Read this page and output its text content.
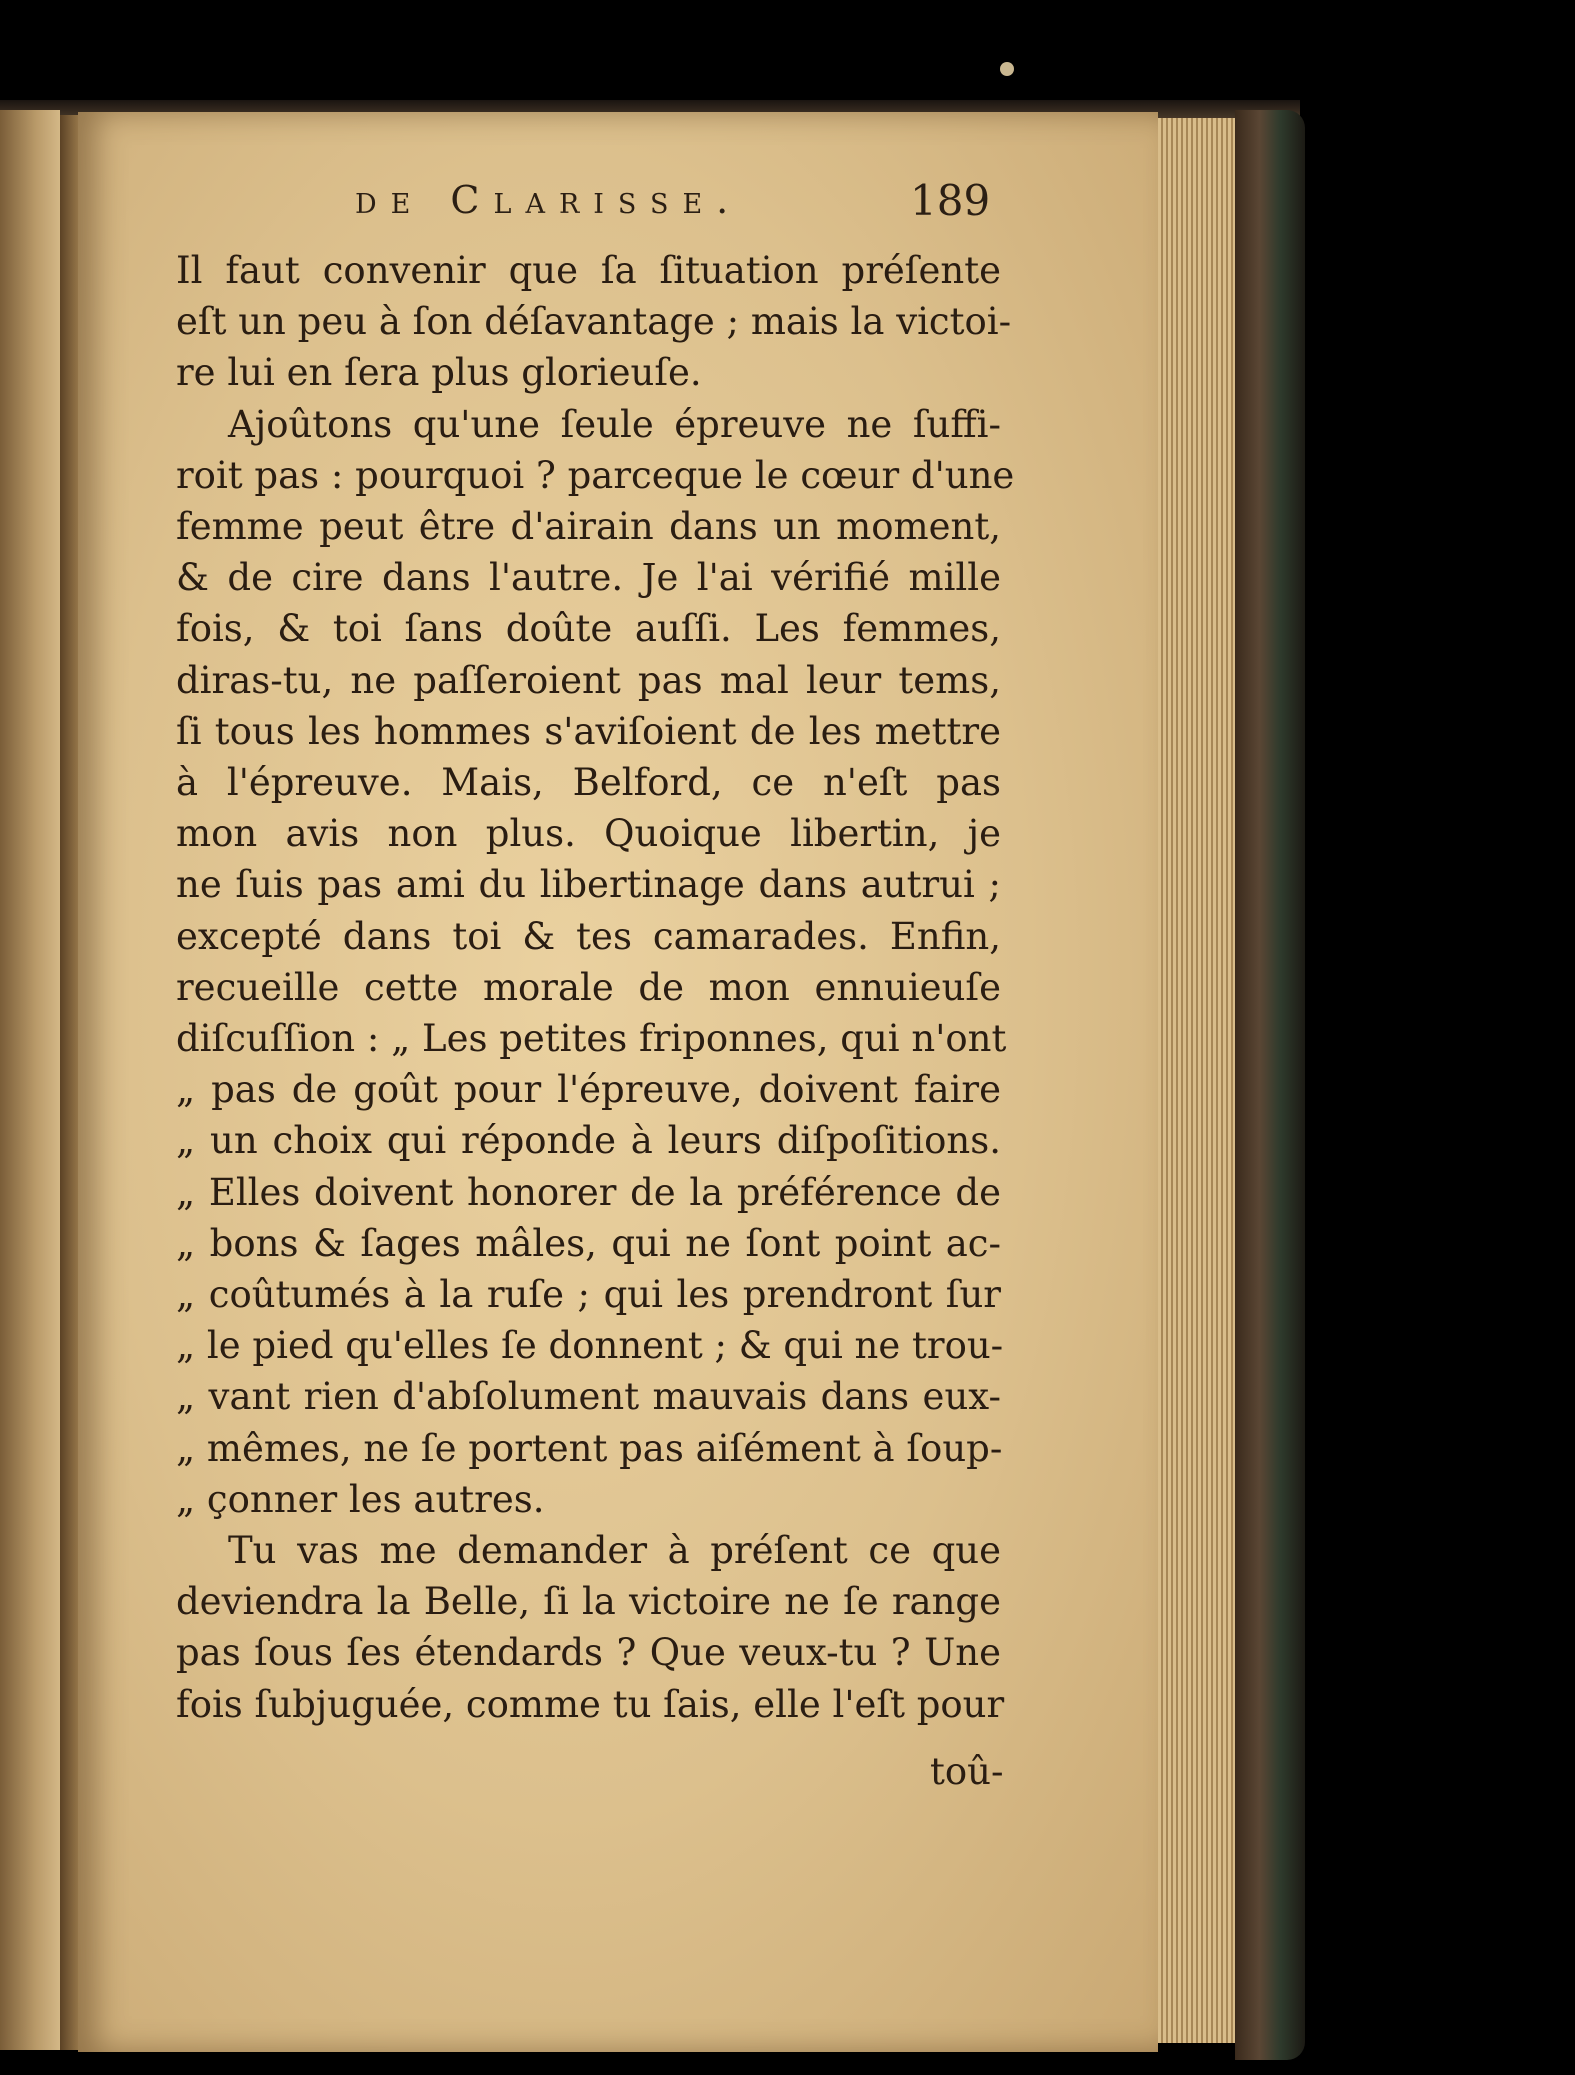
de Clarisse.	189
Il faut convenir que ſa ſituation préſente
eſt un peu à ſon déſavantage ; mais la victoi-
re lui en ſera plus glorieuſe.
Ajoûtons qu'une ſeule épreuve ne ſuffi-
roit pas : pourquoi ? parceque le cœur d'une
femme peut être d'airain dans un moment,
& de cire dans l'autre. Je l'ai vérifié mille
fois, & toi ſans doûte auſſi. Les femmes,
diras-tu, ne paſſeroient pas mal leur tems,
ſi tous les hommes s'aviſoient de les mettre
à l'épreuve. Mais, Belford, ce n'eſt pas
mon avis non plus. Quoique libertin, je
ne ſuis pas ami du libertinage dans autrui ;
excepté dans toi & tes camarades. Enfin,
recueille cette morale de mon ennuieuſe
diſcuſſion : „ Les petites friponnes, qui n'ont
„ pas de goût pour l'épreuve, doivent faire
„ un choix qui réponde à leurs diſpoſitions.
„ Elles doivent honorer de la préférence de
„ bons & ſages mâles, qui ne ſont point ac-
„ coûtumés à la ruſe ; qui les prendront ſur
„ le pied qu'elles ſe donnent ; & qui ne trou-
„ vant rien d'abſolument mauvais dans eux-
„ mêmes, ne ſe portent pas aiſément à ſoup-
„ çonner les autres.
Tu vas me demander à préſent ce que
deviendra la Belle, ſi la victoire ne ſe range
pas ſous ſes étendards ? Que veux-tu ? Une
fois ſubjuguée, comme tu ſais, elle l'eſt pour
toû-
